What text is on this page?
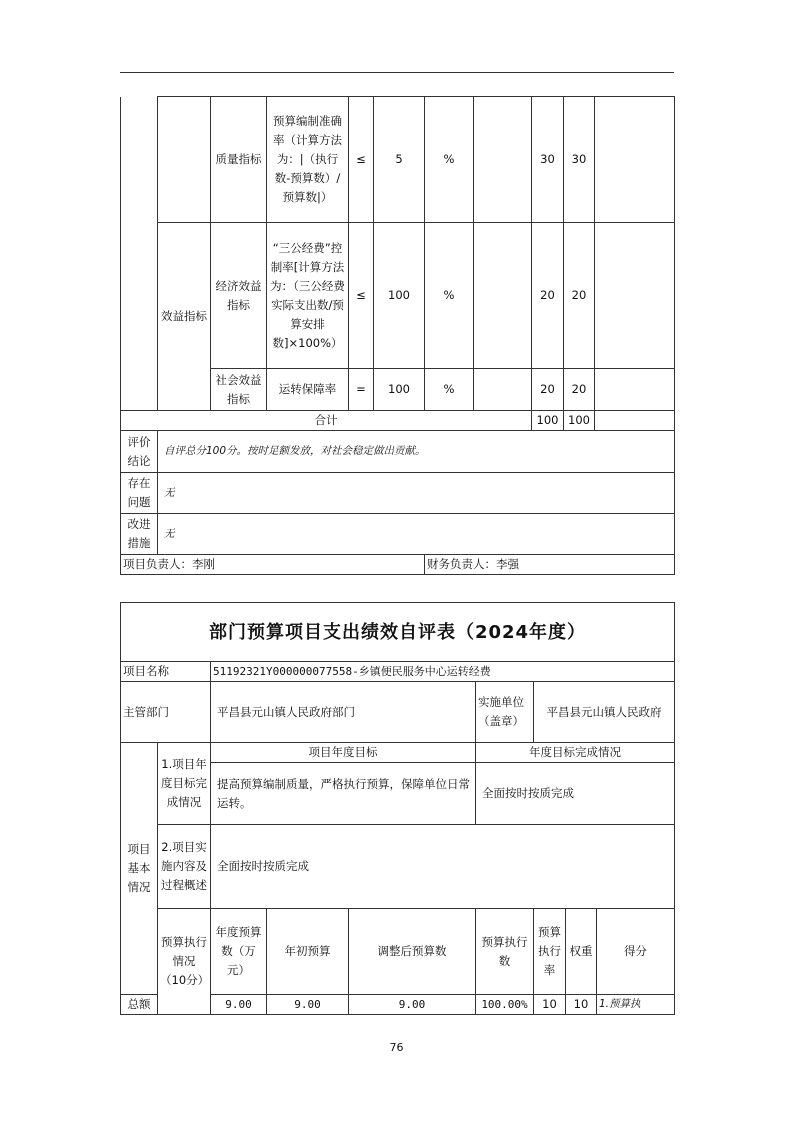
		质量指标	预算编制准确率（计算方法为：|（执行数-预算数）/预算数|）	≤	5	%		30	30	
	效益指标	经济效益指标	“三公经费”控制率[计算方法为：（三公经费实际支出数/预算安排数]×100%）	≤	100	%		20	20	
		社会效益指标	运转保障率	=	100	%		20	20	
合计								100	100	
评价结论	自评总分100分。按时足额发放，对社会稳定做出贡献。									
存在问题	无									
改进措施	无									
项目负责人：李刚						财务负责人：李强				
部门预算项目支出绩效自评表（2024年度）									
项目名称		51192321Y000000077558-乡镇便民服务中心运转经费							
主管部门		平昌县元山镇人民政府部门			实施单位（盖章）	平昌县元山镇人民政府			
项目基本情况	1.项目年度目标完成情况	项目年度目标			年度目标完成情况				
		提高预算编制质量，严格执行预算，保障单位日常运转。			全面按时按质完成				
	2.项目实施内容及过程概述	全面按时按质完成							
	预算执行情况（10分）	年度预算数（万元）	年初预算	调整后预算数	预算执行数	预算执行率	权重	得分	
总额		9.00	9.00	9.00	100.00%	10	10	1.预算执	
76
